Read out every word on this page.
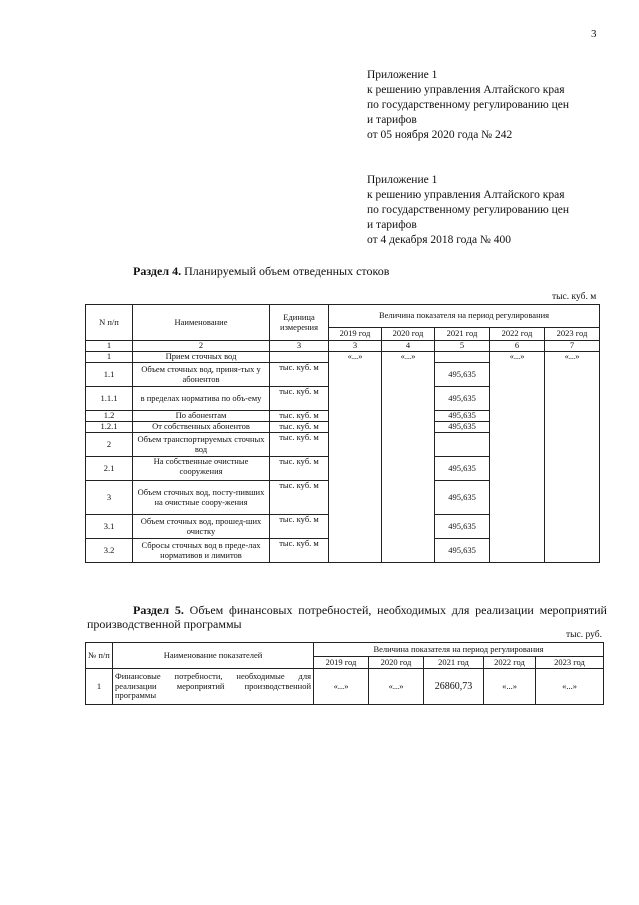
3
Приложение 1
к решению управления Алтайского края
по государственному регулированию цен
и тарифов
от 05 ноября 2020 года № 242
Приложение 1
к решению управления Алтайского края
по государственному регулированию цен
и тарифов
от 4 декабря 2018 года № 400
Раздел 4. Планируемый объем отведенных стоков
тыс. куб. м
N п/п	Наименование	Единица измерения	Величина показателя на период регулирования				
			2019 год	2020 год	2021 год	2022 год	2023 год
1	2	3	3	4	5	6	7
1	Прием сточных вод		«...»	«...»		«...»	«...»
1.1	Объем сточных вод, приня-тых у абонентов	тыс. куб. м			495,635		
1.1.1	в пределах норматива по объ-ему	тыс. куб. м			495,635		
1.2	По абонентам	тыс. куб. м			495,635		
1.2.1	От собственных абонентов	тыс. куб. м			495,635		
2	Объем транспортируемых сточных вод	тыс. куб. м					
2.1	На собственные очистные сооружения	тыс. куб. м			495,635		
3	Объем сточных вод, посту-пивших на очистные соору-жения	тыс. куб. м			495,635		
3.1	Объем сточных вод, прошед-ших очистку	тыс. куб. м			495,635		
3.2	Сбросы сточных вод в преде-лах нормативов и лимитов	тыс. куб. м			495,635		
Раздел 5. Объем финансовых потребностей, необходимых для реализации мероприятий производственной программы
тыс. руб.
№ п/п	Наименование показателей	Величина показателя на период регулирования				
		2019 год	2020 год	2021 год	2022 год	2023 год
1	Финансовые потребности, необходимые для реализации мероприятий производственной программы	«...»	«...»	26860,73	«...»	«...»
